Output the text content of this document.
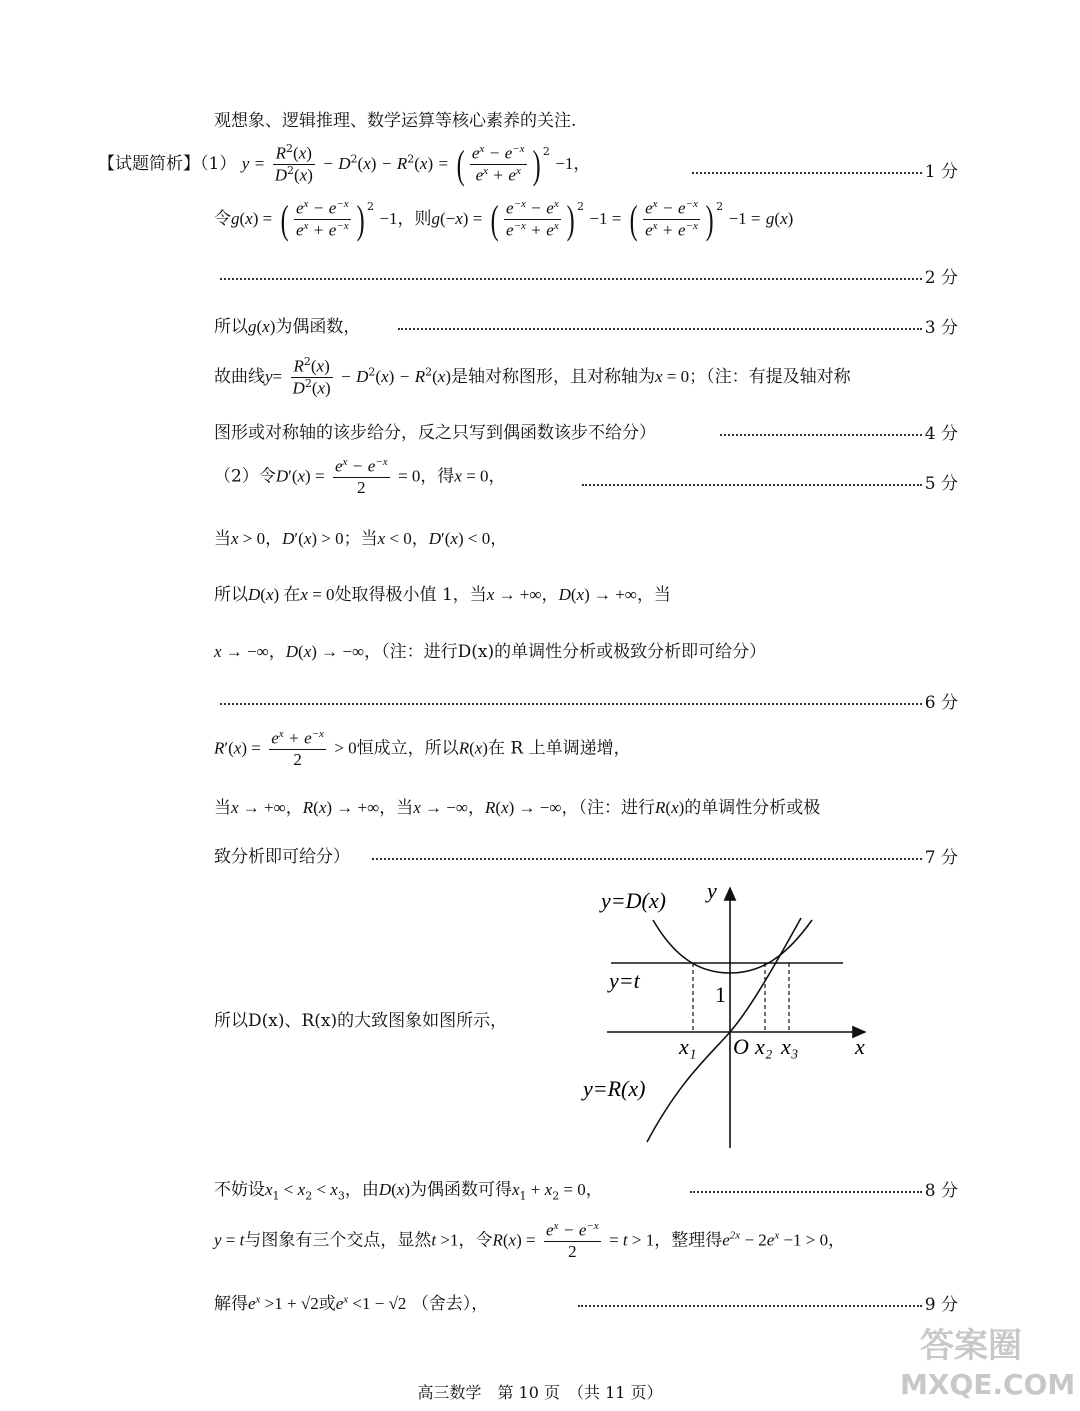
观想象、逻辑推理、数学运算等核心素养的关注.
【试题简析】（1） $y = \frac{R^2(x)}{D^2(x)} - D^2(x) - R^2(x)$ = ( $\frac{e^x - e^{-x}}{e^x + e^x}$ ) $^2$ −1，	1 分
令g(x) = ( $\frac{e^x - e^{-x}}{e^x + e^{-x}}$ ) $^2$ −1，则g(−x) = ( $\frac{e^{-x} - e^x}{e^{-x} + e^x}$ ) $^2$ −1 = ( $\frac{e^x - e^{-x}}{e^x + e^{-x}}$ ) $^2$ −1 = g(x)
2 分
所以g(x)为偶函数，	3 分
故曲线$y= \frac{R^2(x)}{D^2(x)} - D^2(x) - R^2(x)$是轴对称图形，且对称轴为x = 0；（注：有提及轴对称
图形或对称轴的该步给分，反之只写到偶函数该步不给分）	4 分
（2）令$D'(x) = \frac{e^x - e^{-x}}{2} = 0$，得x = 0，	5 分
当x > 0，D′(x) > 0；当x < 0，D′(x) < 0，
所以D(x) 在x = 0处取得极小值 1，当x → +∞，D(x) → +∞，当
x → −∞，D(x) → −∞，（注：进行D(x)的单调性分析或极致分析即可给分）
6 分
$R'(x) = \frac{e^x + e^{-x}}{2} > 0$恒成立，所以R(x)在 R 上单调递增，
当x → +∞，R(x) → +∞，当x → −∞，R(x) → −∞，（注：进行R(x)的单调性分析或极
致分析即可给分）	7 分
所以D(x)、R(x)的大致图象如图所示，
y=D(x) y
y=t
1
x₁ O x₂ x₃	x
y=R(x)
不妨设$x_1 < x_2 < x_3$，由D(x)为偶函数可得$x_1 + x_2 = 0$，	8 分
y = t与图象有三个交点，显然t >1，令$R(x) = \frac{e^x - e^{-x}}{2} = t > 1$，整理得$e^{2x} - 2e^x -1 > 0$，
解得$e^x >1 + √2$或$e^x <1 - √2$ （舍去），	9 分
答案圈
MXQE.COM
高三数学　第 10 页　（共 11 页）
